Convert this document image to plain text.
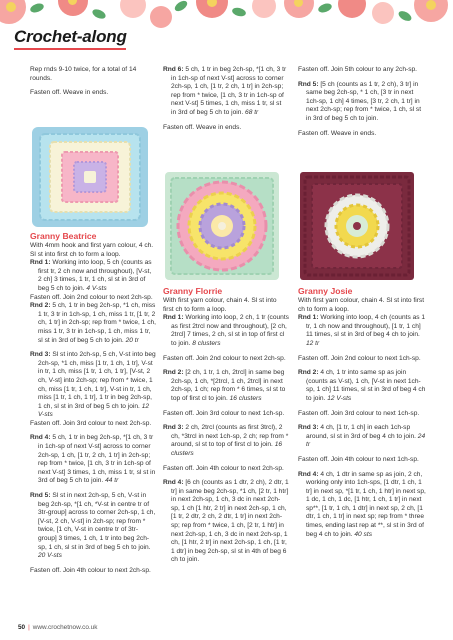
Crochet-along
Rep rnds 9-10 twice, for a total of 14 rounds.
Fasten off. Weave in ends.
Granny Beatrice
With 4mm hook and first yarn colour, 4 ch. Sl st into first ch to form a loop.
Rnd 1: Working into loop, 5 ch (counts as first tr, 2 ch now and throughout), [V-st, 2 ch] 3 times, 1 tr, 1 ch, sl st in 3rd of beg 5 ch to join. 4 V-sts
Fasten off. Join 2nd colour to next 2ch-sp.
Rnd 2: 5 ch, 1 tr in beg 2ch-sp, *1 ch, miss 1 tr, 3 tr in 1ch-sp, 1 ch, miss 1 tr, [1 tr, 2 ch, 1 tr] in 2ch-sp; rep from * twice, 1 ch, miss 1 tr, 3 tr in 1ch-sp, 1 ch, miss 1 tr, sl st in 3rd of beg 5 ch to join. 20 tr
Rnd 3: Sl st into 2ch-sp, 5 ch, V-st into beg 2ch-sp, *1 ch, miss [1 tr, 1 ch, 1 tr], V-st in tr, 1 ch, miss [1 tr, 1 ch, 1 tr], [V-st, 2 ch, V-st] into 2ch-sp; rep from * twice, 1 ch, miss [1 tr, 1 ch, 1 tr], V-st in tr, 1 ch, miss [1 tr, 1 ch, 1 tr], 1 tr in beg 2ch-sp, 1 ch, sl st in 3rd of beg 5 ch to join. 12 V-sts
Fasten off. Join 3rd colour to next 2ch-sp.
Rnd 4: 5 ch, 1 tr in beg 2ch-sp, *[1 ch, 3 tr in 1ch-sp of next V-st] across to corner 2ch-sp, 1 ch, [1 tr, 2 ch, 1 tr] in 2ch-sp; rep from * twice, [1 ch, 3 tr in 1ch-sp of next V-st] 3 times, 1 ch, miss 1 tr, sl st in 3rd of beg 5 ch to join. 44 tr
Rnd 5: Sl st in next 2ch-sp, 5 ch, V-st in beg 2ch-sp, *[1 ch, *V-st in centre tr of 3tr-group] across to corner 2ch-sp, 1 ch, [V-st, 2 ch, V-st] in 2ch-sp; rep from * twice, [1 ch, V-st in centre tr of 3tr-group] 3 times, 1 ch, 1 tr into beg 2ch-sp, 1 ch, sl st in 3rd of beg 5 ch to join. 20 V-sts
Fasten off. Join 4th colour to next 2ch-sp.
Rnd 6: 5 ch, 1 tr in beg 2ch-sp, *[1 ch, 3 tr in 1ch-sp of next V-st] across to corner 2ch-sp, 1 ch, [1 tr, 2 ch, 1 tr] in 2ch-sp; rep from * twice, [1 ch, 3 tr in 1ch-sp of next V-st] 5 times, 1 ch, miss 1 tr, sl st in 3rd of beg 5 ch to join. 68 tr
Fasten off. Weave in ends.
Granny Florrie
With first yarn colour, chain 4. Sl st into first ch to form a loop.
Rnd 1: Working into loop, 2 ch, 1 tr (counts as first 2trcl now and throughout), [2 ch, 2trcl] 7 times, 2 ch, sl st in top of first cl to join. 8 clusters
Fasten off. Join 2nd colour to next 2ch-sp.
Rnd 2: [2 ch, 1 tr, 1 ch, 2trcl] in same beg 2ch-sp, 1 ch, *[2trcl, 1 ch, 2trcl] in next 2ch-sp, 1 ch; rep from * 6 times, sl st to top of first cl to join. 16 clusters
Fasten off. Join 3rd colour to next 1ch-sp.
Rnd 3: 2 ch, 2trcl (counts as first 3trcl), 2 ch, *3trcl in next 1ch-sp, 2 ch; rep from * around, sl st to top of first cl to join. 16 clusters
Fasten off. Join 4th colour to next 2ch-sp.
Rnd 4: [6 ch (counts as 1 dtr, 2 ch), 2 dtr, 1 tr] in same beg 2ch-sp, *1 ch, [2 tr, 1 htr] in next 2ch-sp, 1 ch, 3 dc in next 2ch-sp, 1 ch [1 htr, 2 tr] in next 2ch-sp, 1 ch, [1 tr, 2 dtr, 2 ch, 2 dtr, 1 tr] in next 2ch-sp; rep from * twice, 1 ch, [2 tr, 1 htr] in next 2ch-sp, 1 ch, 3 dc in next 2ch-sp, 1 ch, [1 htr, 2 tr] in next 2ch-sp, 1 ch, [1 tr, 1 dtr] in beg 2ch-sp, sl st in 4th of beg 6 ch to join.
Fasten off. Join 5th colour to any 2ch-sp.
Rnd 5: [5 ch (counts as 1 tr, 2 ch), 3 tr] in same beg 2ch-sp, * 1 ch, [3 tr in next 1ch-sp, 1 ch] 4 times, [3 tr, 2 ch, 1 tr] in next 2ch-sp; rep from * twice, 1 ch, sl st in 3rd of beg 5 ch to join.
Fasten off. Weave in ends.
Granny Josie
With first yarn colour, chain 4. Sl st into first ch to form a loop.
Rnd 1: Working into loop, 4 ch (counts as 1 tr, 1 ch now and throughout), [1 tr, 1 ch] 11 times, sl st in 3rd of beg 4 ch to join. 12 tr
Fasten off. Join 2nd colour to next 1ch-sp.
Rnd 2: 4 ch, 1 tr into same sp as join (counts as V-st), 1 ch, [V-st in next 1ch-sp, 1 ch] 11 times, sl st in 3rd of beg 4 ch to join. 12 V-sts
Fasten off. Join 3rd colour to next 1ch-sp.
Rnd 3: 4 ch, [1 tr, 1 ch] in each 1ch-sp around, sl st in 3rd of beg 4 ch to join. 24 tr
Fasten off. Join 4th colour to next 1ch-sp.
Rnd 4: 4 ch, 1 dtr in same sp as join, 2 ch, working only into 1ch-sps, [1 dtr, 1 ch, 1 tr] in next sp, *[1 tr, 1 ch, 1 htr] in next sp, 1 dc, 1 ch, 1 dc, [1 htr, 1 ch, 1 tr] in next sp**, [1 tr, 1 ch, 1 dtr] in next sp, 2 ch, [1 dtr, 1 ch, 1 tr] in next sp; rep from * three times, ending last rep at **, sl st in 3rd of beg 4 ch to join. 40 sts
50 | www.crochetnow.co.uk
